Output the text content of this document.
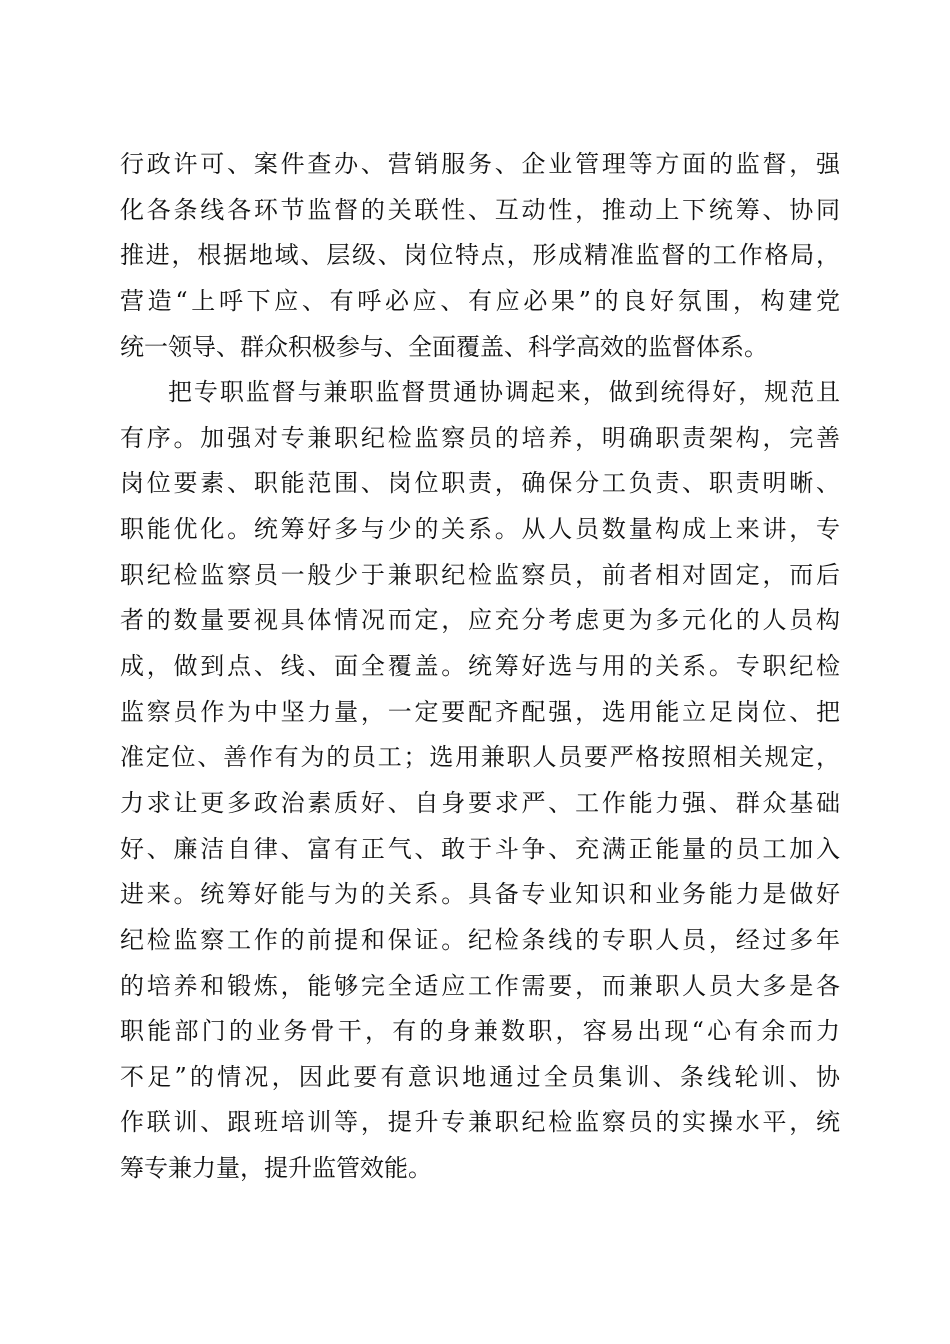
行政许可、案件查办、营销服务、企业管理等方面的监督，强
化各条线各环节监督的关联性、互动性，推动上下统筹、协同
推进，根据地域、层级、岗位特点，形成精准监督的工作格局，
营造“上呼下应、有呼必应、有应必果”的良好氛围，构建党
统一领导、群众积极参与、全面覆盖、科学高效的监督体系。
把专职监督与兼职监督贯通协调起来，做到统得好，规范且
有序。加强对专兼职纪检监察员的培养，明确职责架构，完善
岗位要素、职能范围、岗位职责，确保分工负责、职责明晰、
职能优化。统筹好多与少的关系。从人员数量构成上来讲，专
职纪检监察员一般少于兼职纪检监察员，前者相对固定，而后
者的数量要视具体情况而定，应充分考虑更为多元化的人员构
成，做到点、线、面全覆盖。统筹好选与用的关系。专职纪检
监察员作为中坚力量，一定要配齐配强，选用能立足岗位、把
准定位、善作有为的员工；选用兼职人员要严格按照相关规定，
力求让更多政治素质好、自身要求严、工作能力强、群众基础
好、廉洁自律、富有正气、敢于斗争、充满正能量的员工加入
进来。统筹好能与为的关系。具备专业知识和业务能力是做好
纪检监察工作的前提和保证。纪检条线的专职人员，经过多年
的培养和锻炼，能够完全适应工作需要，而兼职人员大多是各
职能部门的业务骨干，有的身兼数职，容易出现“心有余而力
不足”的情况，因此要有意识地通过全员集训、条线轮训、协
作联训、跟班培训等，提升专兼职纪检监察员的实操水平，统
筹专兼力量，提升监管效能。
